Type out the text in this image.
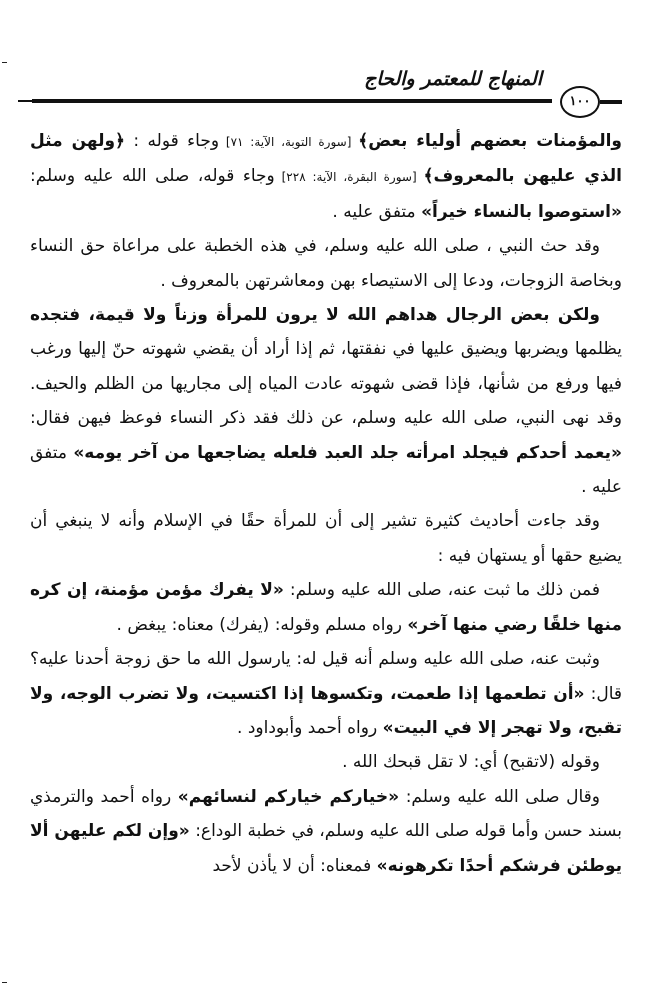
المنهاج للمعتمر والحاج
١٠٠

والمؤمنات بعضهم أولياء بعض﴾ [سورة التوبة، الآية: ٧١] وجاء قوله : ﴿ولهن مثل الذي عليهن بالمعروف﴾ [سورة البقرة، الآية: ٢٢٨] وجاء قوله، صلى الله عليه وسلم: «استوصوا بالنساء خيراً» متفق عليه .

وقد حث النبي ، صلى الله عليه وسلم، في هذه الخطبة على مراعاة حق النساء وبخاصة الزوجات، ودعا إلى الاستيصاء بهن ومعاشرتهن بالمعروف .

ولكن بعض الرجال هداهم الله لا يرون للمرأة وزناً ولا قيمة، فتجده يظلمها ويضربها ويضيق عليها في نفقتها، ثم إذا أراد أن يقضي شهوته حنّ إليها ورغب فيها ورفع من شأنها، فإذا قضى شهوته عادت المياه إلى مجاريها من الظلم والحيف. وقد نهى النبي، صلى الله عليه وسلم، عن ذلك فقد ذكر النساء فوعظ فيهن فقال: «يعمد أحدكم فيجلد امرأته جلد العبد فلعله يضاجعها من آخر يومه» متفق عليه .

وقد جاءت أحاديث كثيرة تشير إلى أن للمرأة حقًا في الإسلام وأنه لا ينبغي أن يضيع حقها أو يستهان فيه :

فمن ذلك ما ثبت عنه، صلى الله عليه وسلم: «لا يفرك مؤمن مؤمنة، إن كره منها خلقًا رضي منها آخر» رواه مسلم وقوله: (يفرك) معناه: يبغض .

وثبت عنه، صلى الله عليه وسلم أنه قيل له: يارسول الله ما حق زوجة أحدنا عليه؟ قال: «أن تطعمها إذا طعمت، وتكسوها إذا اكتسيت، ولا تضرب الوجه، ولا تقبح، ولا تهجر إلا في البيت» رواه أحمد وأبوداود .

وقوله (لاتقبح) أي: لا تقل قبحك الله .

وقال صلى الله عليه وسلم: «خياركم خياركم لنسائهم» رواه أحمد والترمذي بسند حسن وأما قوله صلى الله عليه وسلم، في خطبة الوداع: «وإن لكم عليهن ألا يوطئن فرشكم أحدًا تكرهونه» فمعناه: أن لا يأذن لأحد
